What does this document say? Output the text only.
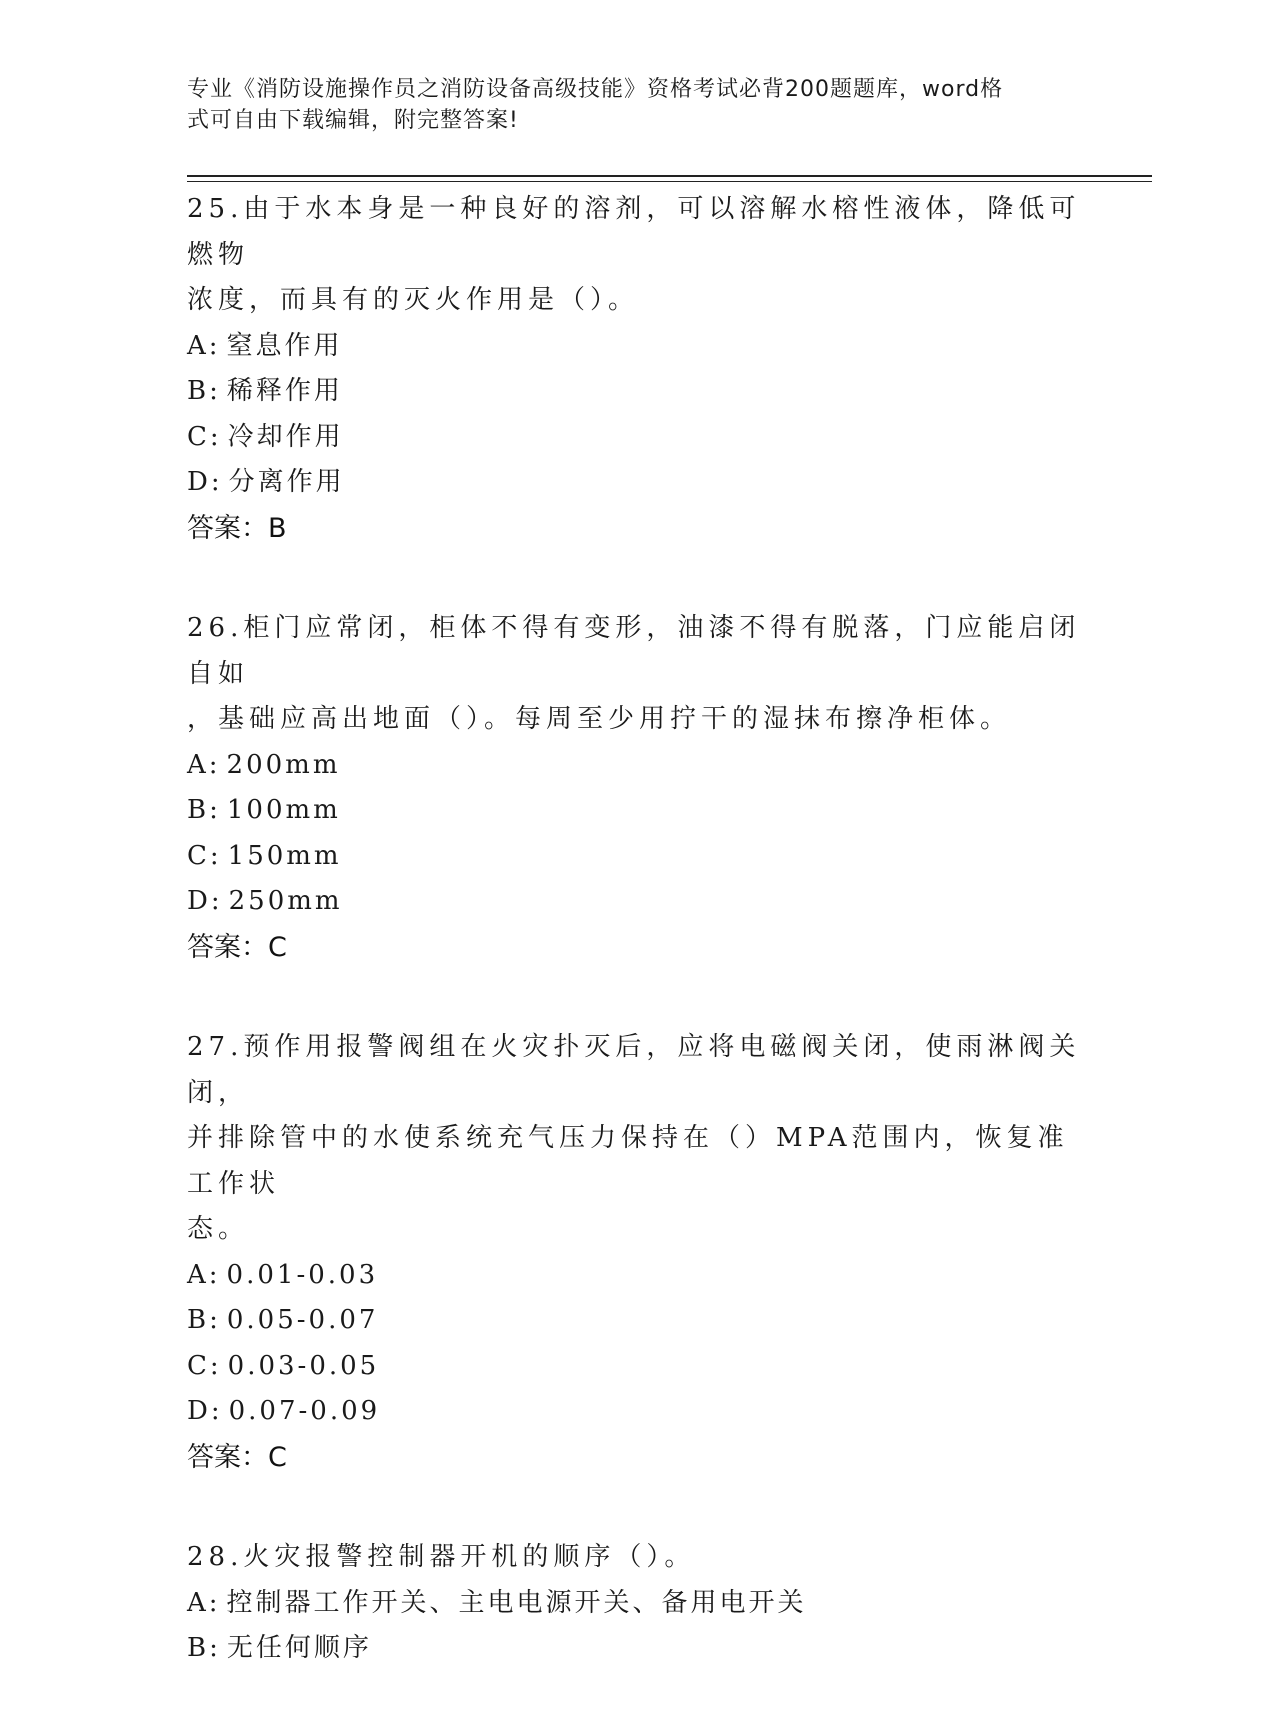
专业《消防设施操作员之消防设备高级技能》资格考试必背200题题库，word格
式可自由下载编辑，附完整答案!
25.由于水本身是一种良好的溶剂，可以溶解水榕性液体，降低可燃物
浓度，而具有的灭火作用是（）。
A: 窒息作用
B: 稀释作用
C: 冷却作用
D: 分离作用
答案：B
26.柜门应常闭，柜体不得有变形，油漆不得有脱落，门应能启闭自如
，基础应高出地面（）。每周至少用拧干的湿抹布擦净柜体。
A: 200mm
B: 100mm
C: 150mm
D: 250mm
答案：C
27.预作用报警阀组在火灾扑灭后，应将电磁阀关闭，使雨淋阀关闭，
并排除管中的水使系统充气压力保持在（）MPA范围内，恢复准工作状
态。
A: 0.01-0.03
B: 0.05-0.07
C: 0.03-0.05
D: 0.07-0.09
答案：C
28.火灾报警控制器开机的顺序（）。
A: 控制器工作开关、主电电源开关、备用电开关
B: 无任何顺序
